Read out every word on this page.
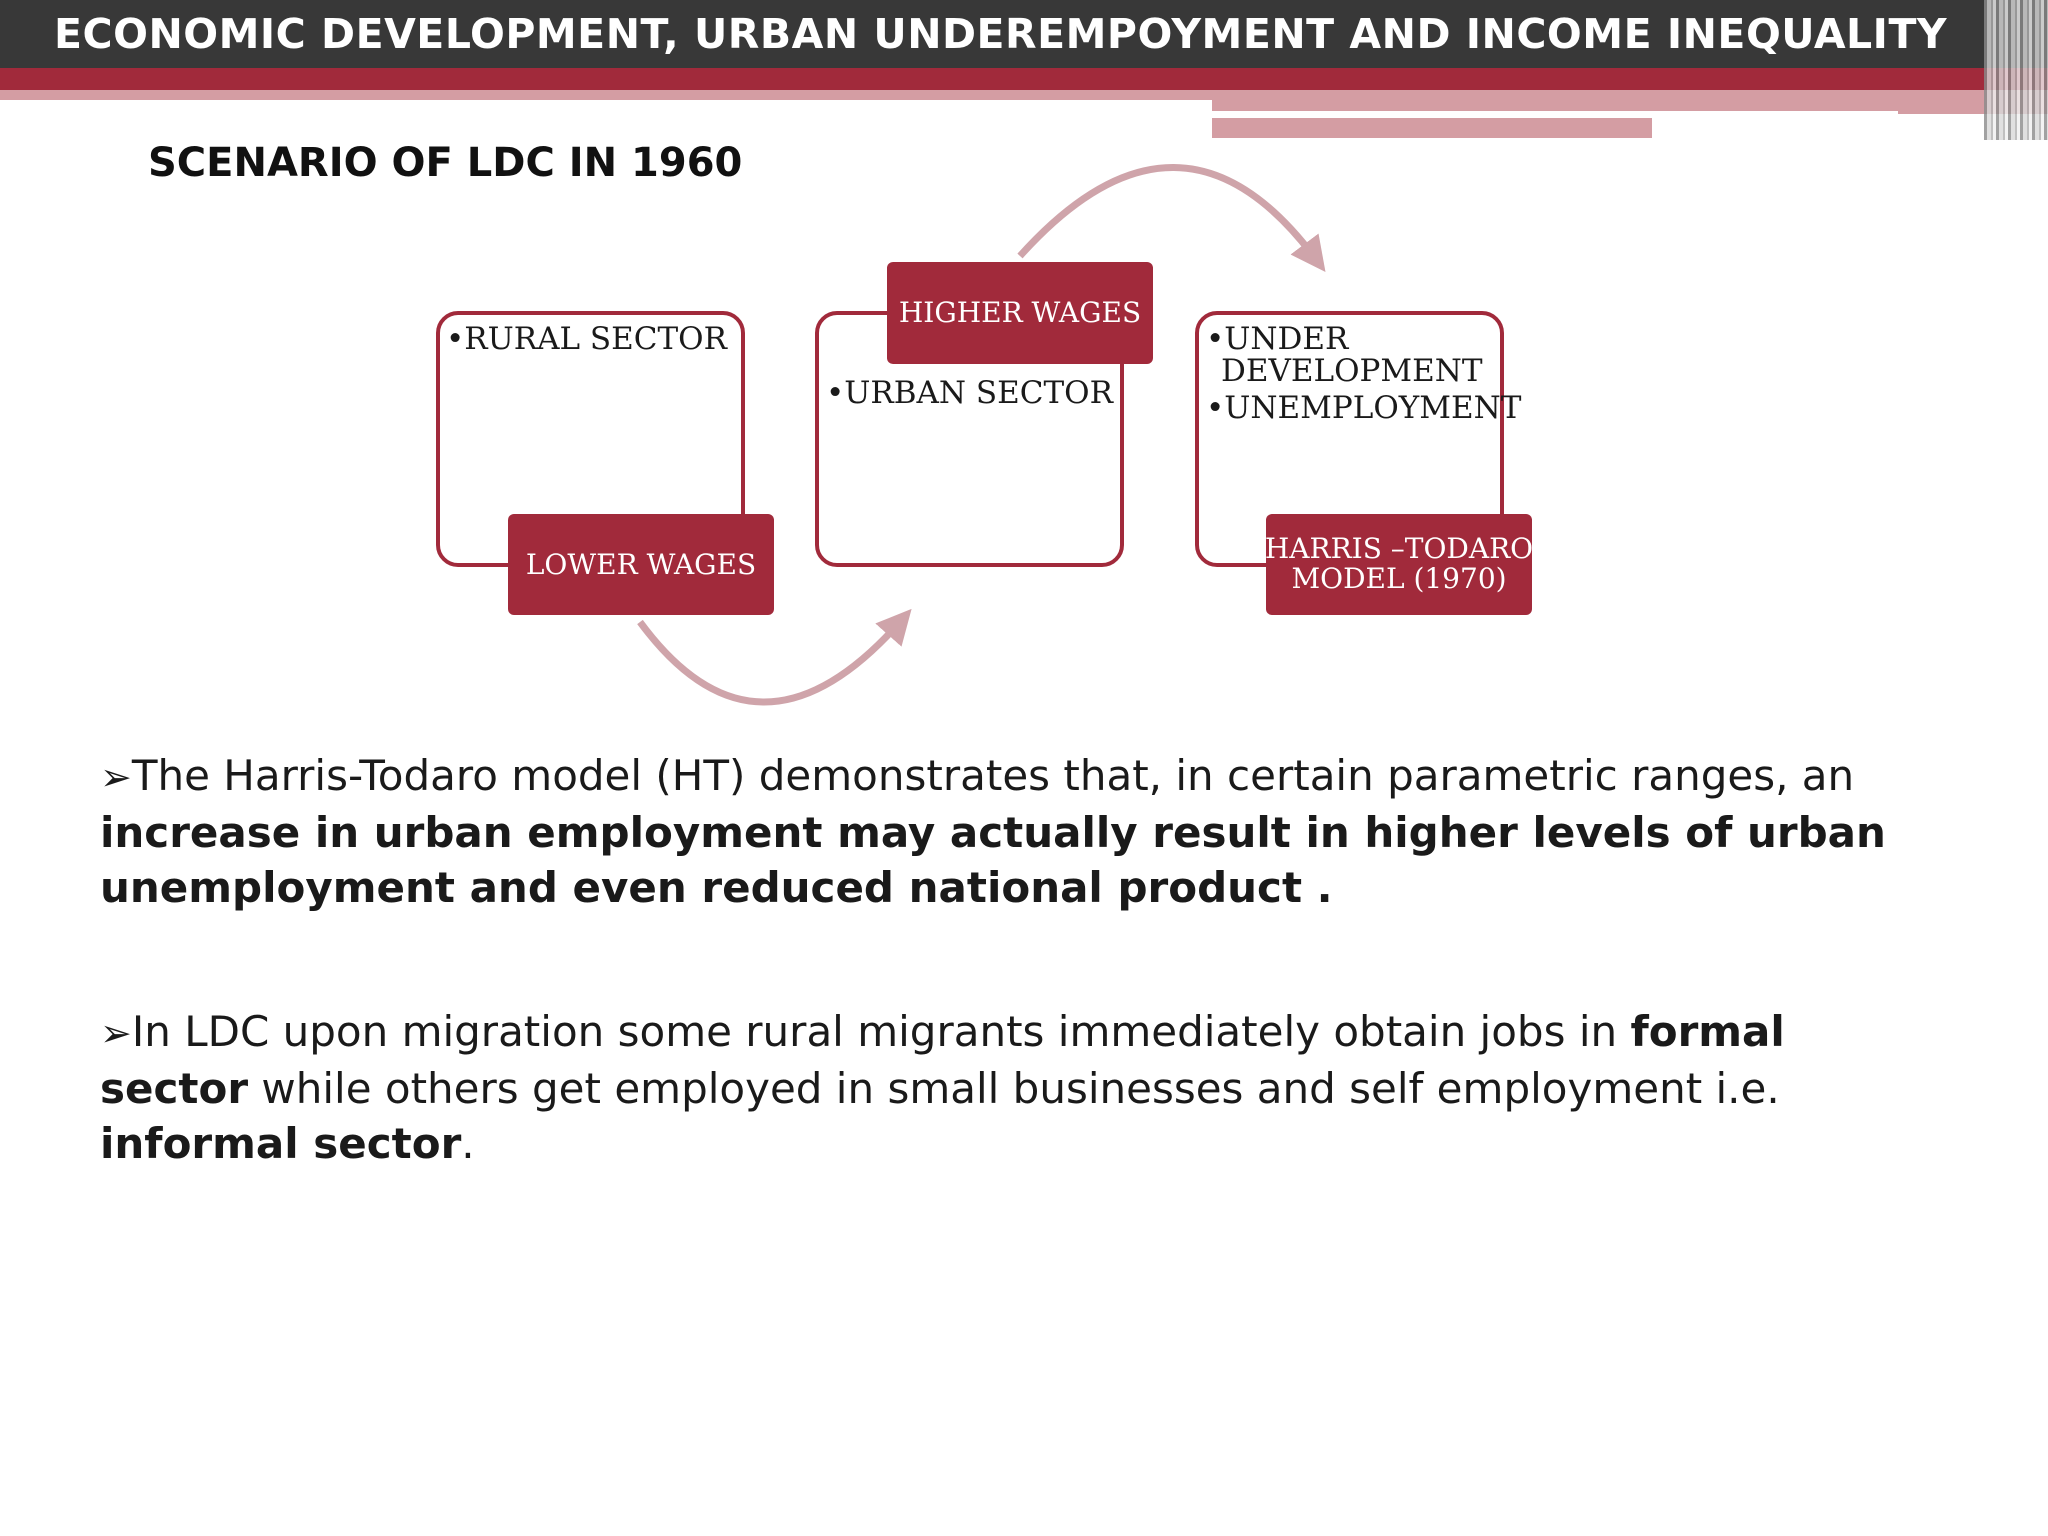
ECONOMIC DEVELOPMENT, URBAN UNDEREMPOYMENT AND INCOME INEQUALITY
SCENARIO OF LDC IN 1960
•RURAL SECTOR
LOWER WAGES
•URBAN SECTOR
HIGHER WAGES
•UNDER
DEVELOPMENT
•UNEMPLOYMENT
HARRIS –TODARO
MODEL (1970)
➢The Harris-Todaro model (HT) demonstrates that, in certain parametric ranges, an increase in urban employment may actually result in higher levels of urban unemployment and even reduced national product .
➢In LDC upon migration some rural migrants immediately obtain jobs in formal sector while others get employed in small businesses and self employment i.e. informal sector.
